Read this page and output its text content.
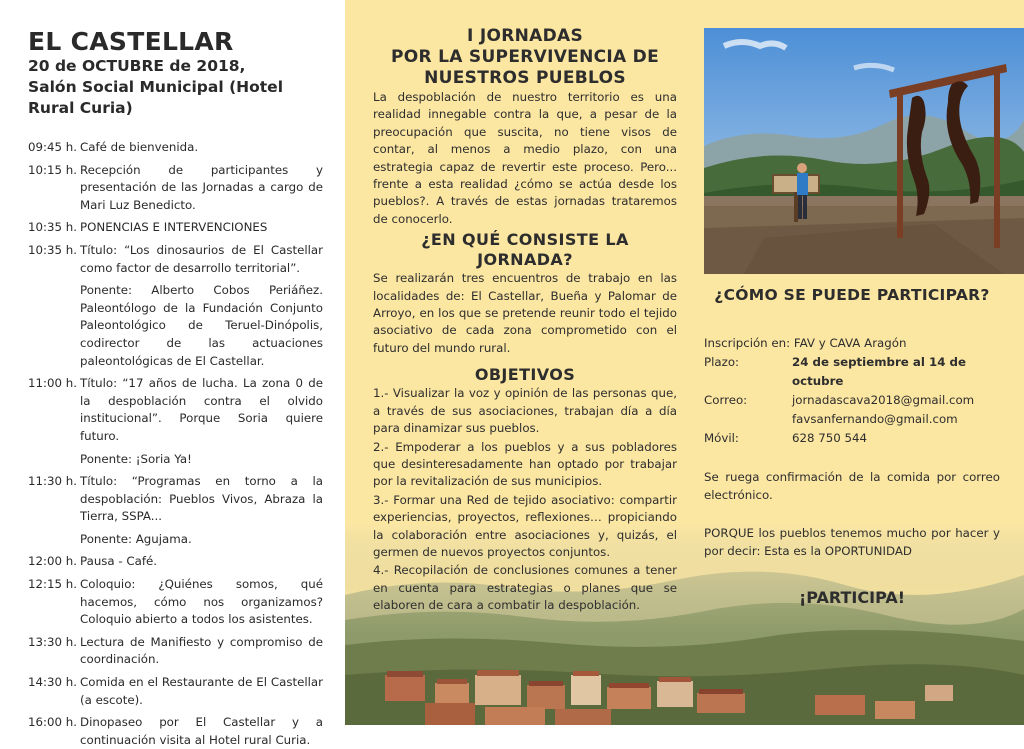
EL CASTELLAR
20 de OCTUBRE de 2018,
Salón Social Municipal (Hotel Rural Curia)
09:45 h. Café de bienvenida.
10:15 h. Recepción de participantes y presentación de las Jornadas a cargo de Mari Luz Benedicto.
10:35 h. PONENCIAS E INTERVENCIONES
10:35 h. Título: “Los dinosaurios de El Castellar como factor de desarrollo territorial”.
Ponente: Alberto Cobos Periáñez. Paleontólogo de la Fundación Conjunto Paleontológico de Teruel-Dinópolis, codirector de las actuaciones paleontológicas de El Castellar.
11:00 h. Título: “17 años de lucha. La zona 0 de la despoblación contra el olvido institucional”. Porque Soria quiere futuro.
Ponente: ¡Soria Ya!
11:30 h. Título: “Programas en torno a la despoblación: Pueblos Vivos, Abraza la Tierra, SSPA...
Ponente: Agujama.
12:00 h. Pausa - Café.
12:15 h. Coloquio: ¿Quiénes somos, qué hacemos, cómo nos organizamos? Coloquio abierto a todos los asistentes.
13:30 h. Lectura de Manifiesto y compromiso de coordinación.
14:30 h. Comida en el Restaurante de El Castellar (a escote).
16:00 h. Dinopaseo por El Castellar y a continuación visita al Hotel rural Curia.
I JORNADAS
POR LA SUPERVIVENCIA DE
NUESTROS PUEBLOS

La despoblación de nuestro territorio es una realidad innegable contra la que, a pesar de la preocupación que suscita, no tiene visos de contar, al menos a medio plazo, con una estrategia capaz de revertir este proceso. Pero... frente a esta realidad ¿cómo se actúa desde los pueblos?. A través de estas jornadas trataremos de conocerlo.

¿EN QUÉ CONSISTE LA JORNADA?

Se realizarán tres encuentros de trabajo en las localidades de: El Castellar, Bueña y Palomar de Arroyo, en los que se pretende reunir todo el tejido asociativo de cada zona comprometido con el futuro del mundo rural.

OBJETIVOS

1.- Visualizar la voz y opinión de las personas que, a través de sus asociaciones, trabajan día a día para dinamizar sus pueblos.

2.- Empoderar a los pueblos y a sus pobladores que desinteresadamente han optado por trabajar por la revitalización de sus municipios.

3.- Formar una Red de tejido asociativo: compartir experiencias, proyectos, reflexiones… propiciando la colaboración entre asociaciones y, quizás, el germen de nuevos proyectos conjuntos.

4.- Recopilación de conclusiones comunes a tener en cuenta para estrategias o planes que se elaboren de cara a combatir la despoblación.

¿CÓMO SE PUEDE PARTICIPAR?
Inscripción en: FAV y CAVA Aragón
Plazo:	24 de septiembre al 14 de octubre
Correo:	jornadascava2018@gmail.com
favsanfernando@gmail.com
Móvil:	628 750 544

Se ruega confirmación de la comida por correo electrónico.

PORQUE los pueblos tenemos mucho por hacer y por decir: Esta es la OPORTUNIDAD

¡PARTICIPA!
